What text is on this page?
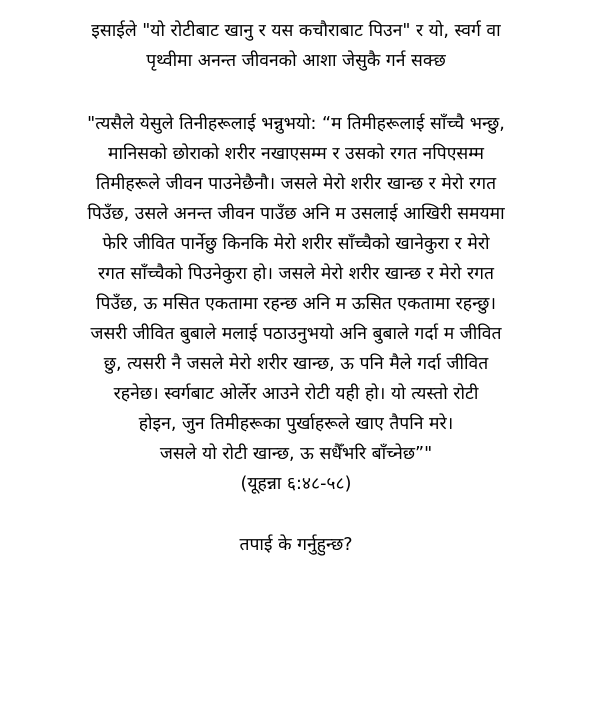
इसाईले "यो रोटीबाट खानु र यस कचौराबाट पिउन" र यो, स्वर्ग वा
पृथ्वीमा अनन्त जीवनको आशा जेसुकै गर्न सक्छ
"त्यसैले येसुले तिनीहरूलाई भन्नुभयो: “म तिमीहरूलाई साँच्चै भन्छु,
मानिसको छोराको शरीर नखाएसम्म र उसको रगत नपिएसम्म
तिमीहरूले जीवन पाउनेछैनौ। जसले मेरो शरीर खान्छ र मेरो रगत
पिउँछ, उसले अनन्त जीवन पाउँछ अनि म उसलाई आखिरी समयमा
फेरि जीवित पार्नेछु किनकि मेरो शरीर साँच्चैको खानेकुरा र मेरो
रगत साँच्चैको पिउनेकुरा हो। जसले मेरो शरीर खान्छ र मेरो रगत
पिउँछ, ऊ मसित एकतामा रहन्छ अनि म ऊसित एकतामा रहन्छु।
जसरी जीवित बुबाले मलाई पठाउनुभयो अनि बुबाले गर्दा म जीवित
छु, त्यसरी नै जसले मेरो शरीर खान्छ, ऊ पनि मैले गर्दा जीवित
रहनेछ। स्वर्गबाट ओर्लेर आउने रोटी यही हो। यो त्यस्तो रोटी
होइन, जुन तिमीहरूका पुर्खाहरूले खाए तैपनि मरे।
जसले यो रोटी खान्छ, ऊ सधैँभरि बाँच्नेछ”"
(यूहन्ना ६:४८-५८)
तपाई के गर्नुहुन्छ?
